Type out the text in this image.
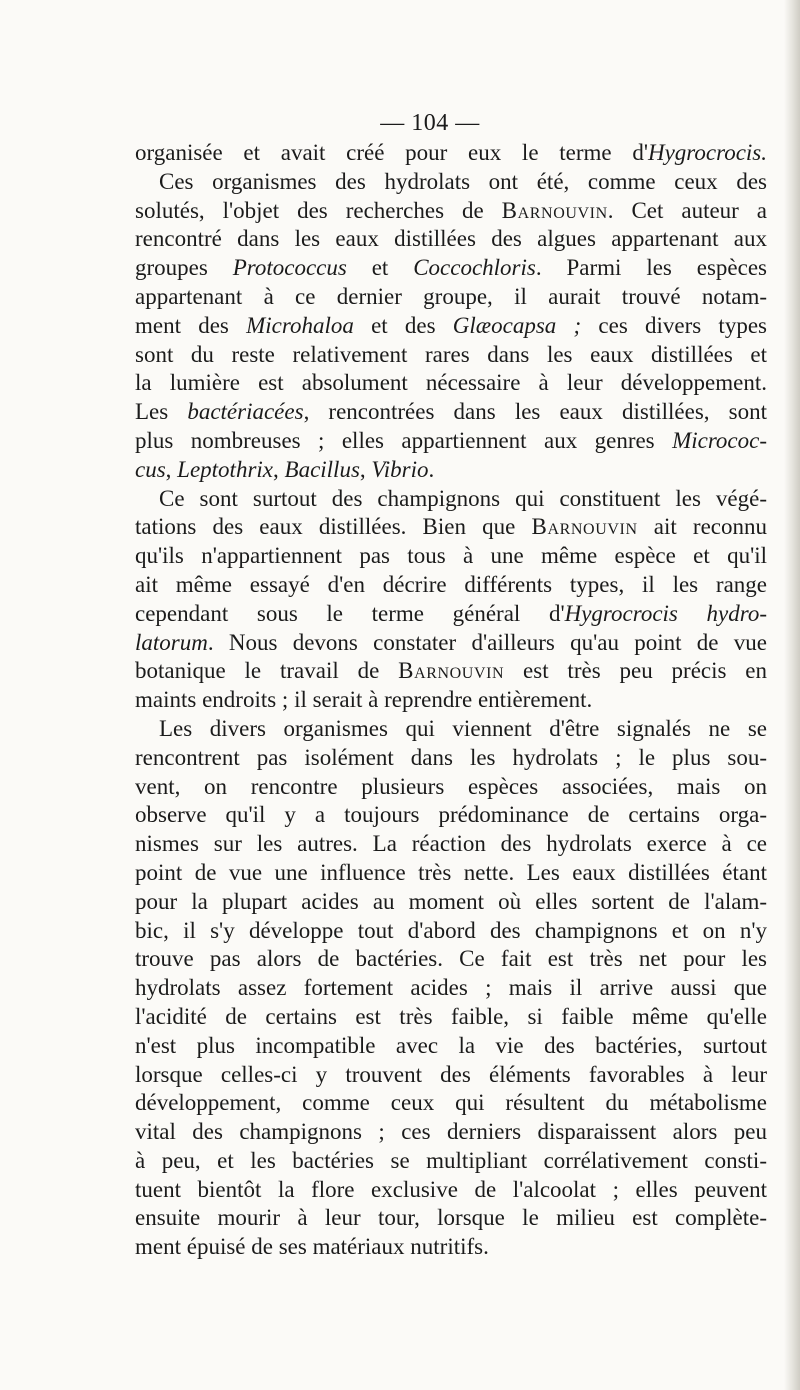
— 104 —
organisée et avait créé pour eux le terme d'Hygrocrocis.
Ces organismes des hydrolats ont été, comme ceux des
solutés, l'objet des recherches de Barnouvin. Cet auteur a
rencontré dans les eaux distillées des algues appartenant aux
groupes Protococcus et Coccochloris. Parmi les espèces
appartenant à ce dernier groupe, il aurait trouvé notam-
ment des Microhaloa et des Glæocapsa ; ces divers types
sont du reste relativement rares dans les eaux distillées et
la lumière est absolument nécessaire à leur développement.
Les bactériacées, rencontrées dans les eaux distillées, sont
plus nombreuses ; elles appartiennent aux genres Micrococ-
cus, Leptothrix, Bacillus, Vibrio.
Ce sont surtout des champignons qui constituent les végé-
tations des eaux distillées. Bien que Barnouvin ait reconnu
qu'ils n'appartiennent pas tous à une même espèce et qu'il
ait même essayé d'en décrire différents types, il les range
cependant sous le terme général d'Hygrocrocis hydro-
latorum. Nous devons constater d'ailleurs qu'au point de vue
botanique le travail de Barnouvin est très peu précis en
maints endroits ; il serait à reprendre entièrement.
Les divers organismes qui viennent d'être signalés ne se
rencontrent pas isolément dans les hydrolats ; le plus sou-
vent, on rencontre plusieurs espèces associées, mais on
observe qu'il y a toujours prédominance de certains orga-
nismes sur les autres. La réaction des hydrolats exerce à ce
point de vue une influence très nette. Les eaux distillées étant
pour la plupart acides au moment où elles sortent de l'alam-
bic, il s'y développe tout d'abord des champignons et on n'y
trouve pas alors de bactéries. Ce fait est très net pour les
hydrolats assez fortement acides ; mais il arrive aussi que
l'acidité de certains est très faible, si faible même qu'elle
n'est plus incompatible avec la vie des bactéries, surtout
lorsque celles-ci y trouvent des éléments favorables à leur
développement, comme ceux qui résultent du métabolisme
vital des champignons ; ces derniers disparaissent alors peu
à peu, et les bactéries se multipliant corrélativement consti-
tuent bientôt la flore exclusive de l'alcoolat ; elles peuvent
ensuite mourir à leur tour, lorsque le milieu est complète-
ment épuisé de ses matériaux nutritifs.
